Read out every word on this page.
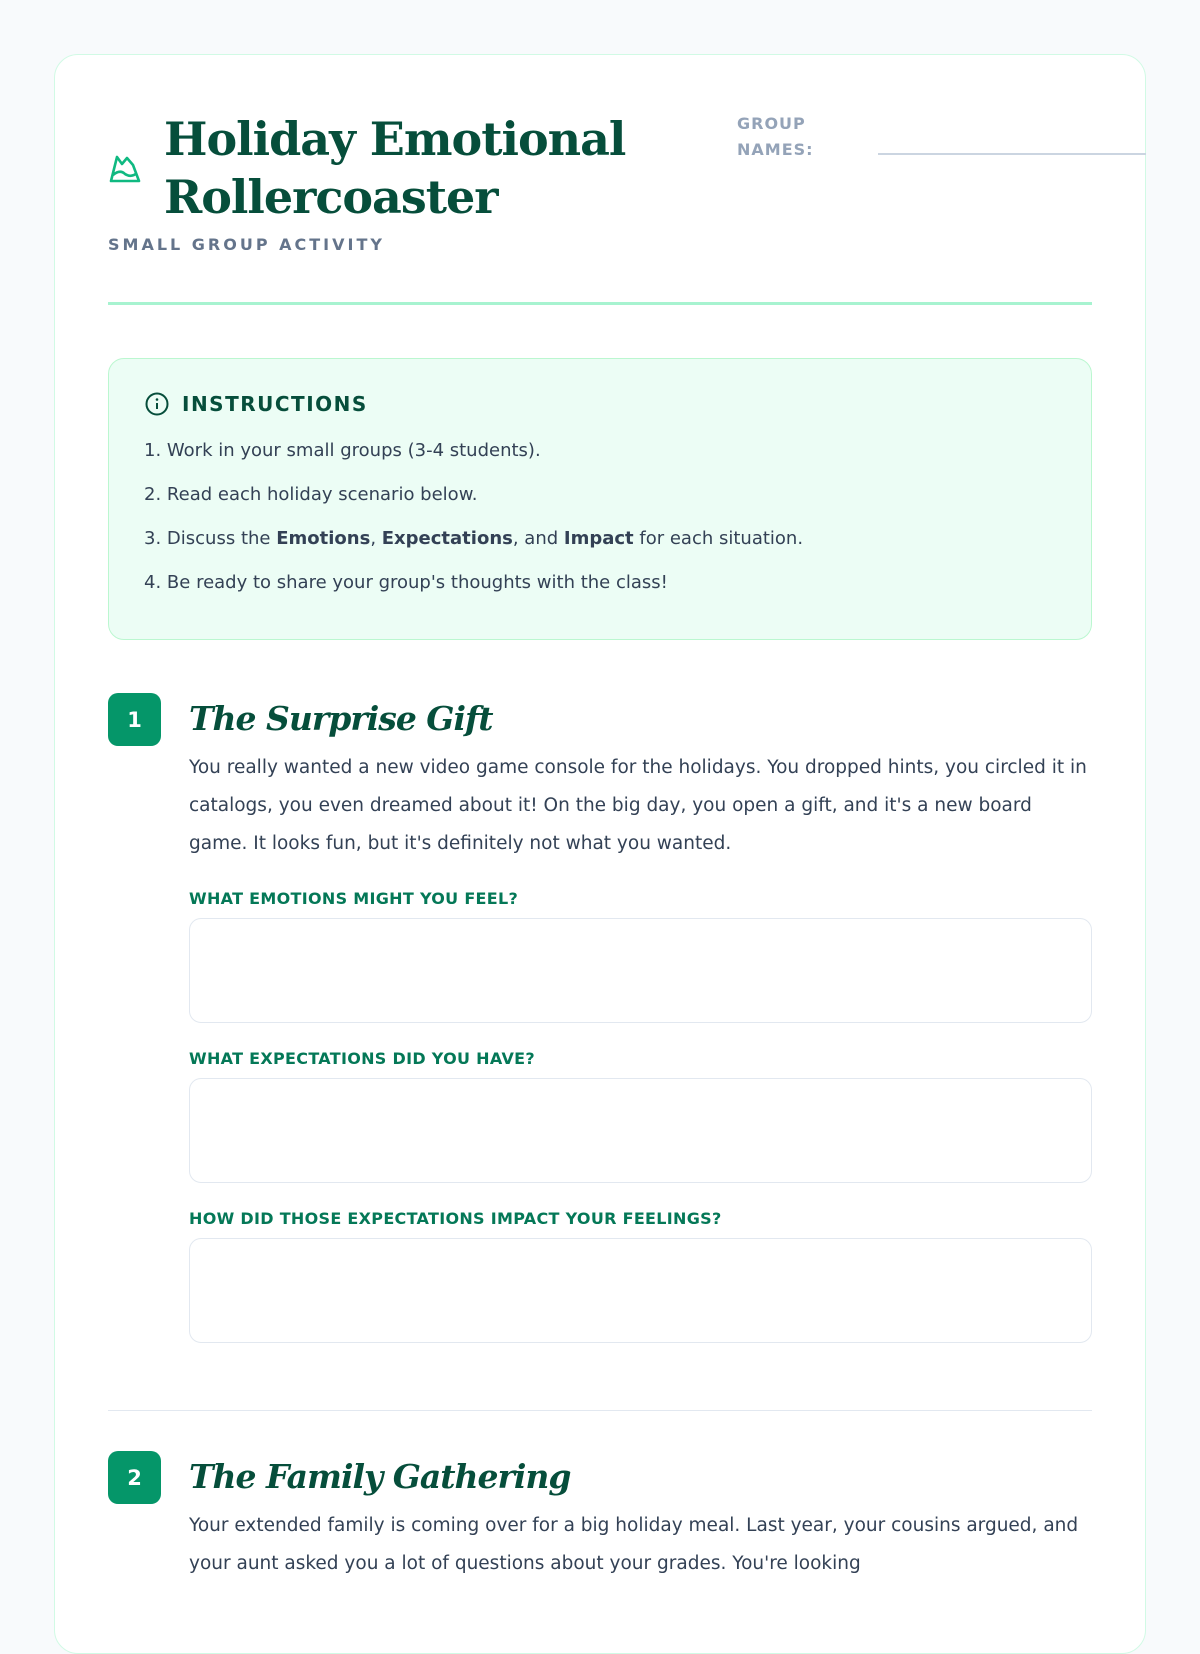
Holiday Emotional Rollercoaster
SMALL GROUP ACTIVITY
GROUP NAMES:
INSTRUCTIONS
1. Work in your small groups (3-4 students).
2. Read each holiday scenario below.
3. Discuss the Emotions, Expectations, and Impact for each situation.
4. Be ready to share your group's thoughts with the class!
1	The Surprise Gift
You really wanted a new video game console for the holidays. You dropped hints, you circled it in catalogs, you even dreamed about it! On the big day, you open a gift, and it's a new board game. It looks fun, but it's definitely not what you wanted.
WHAT EMOTIONS MIGHT YOU FEEL?
WHAT EXPECTATIONS DID YOU HAVE?
HOW DID THOSE EXPECTATIONS IMPACT YOUR FEELINGS?
2	The Family Gathering
Your extended family is coming over for a big holiday meal. Last year, your cousins argued, and your aunt asked you a lot of questions about your grades. You're looking
